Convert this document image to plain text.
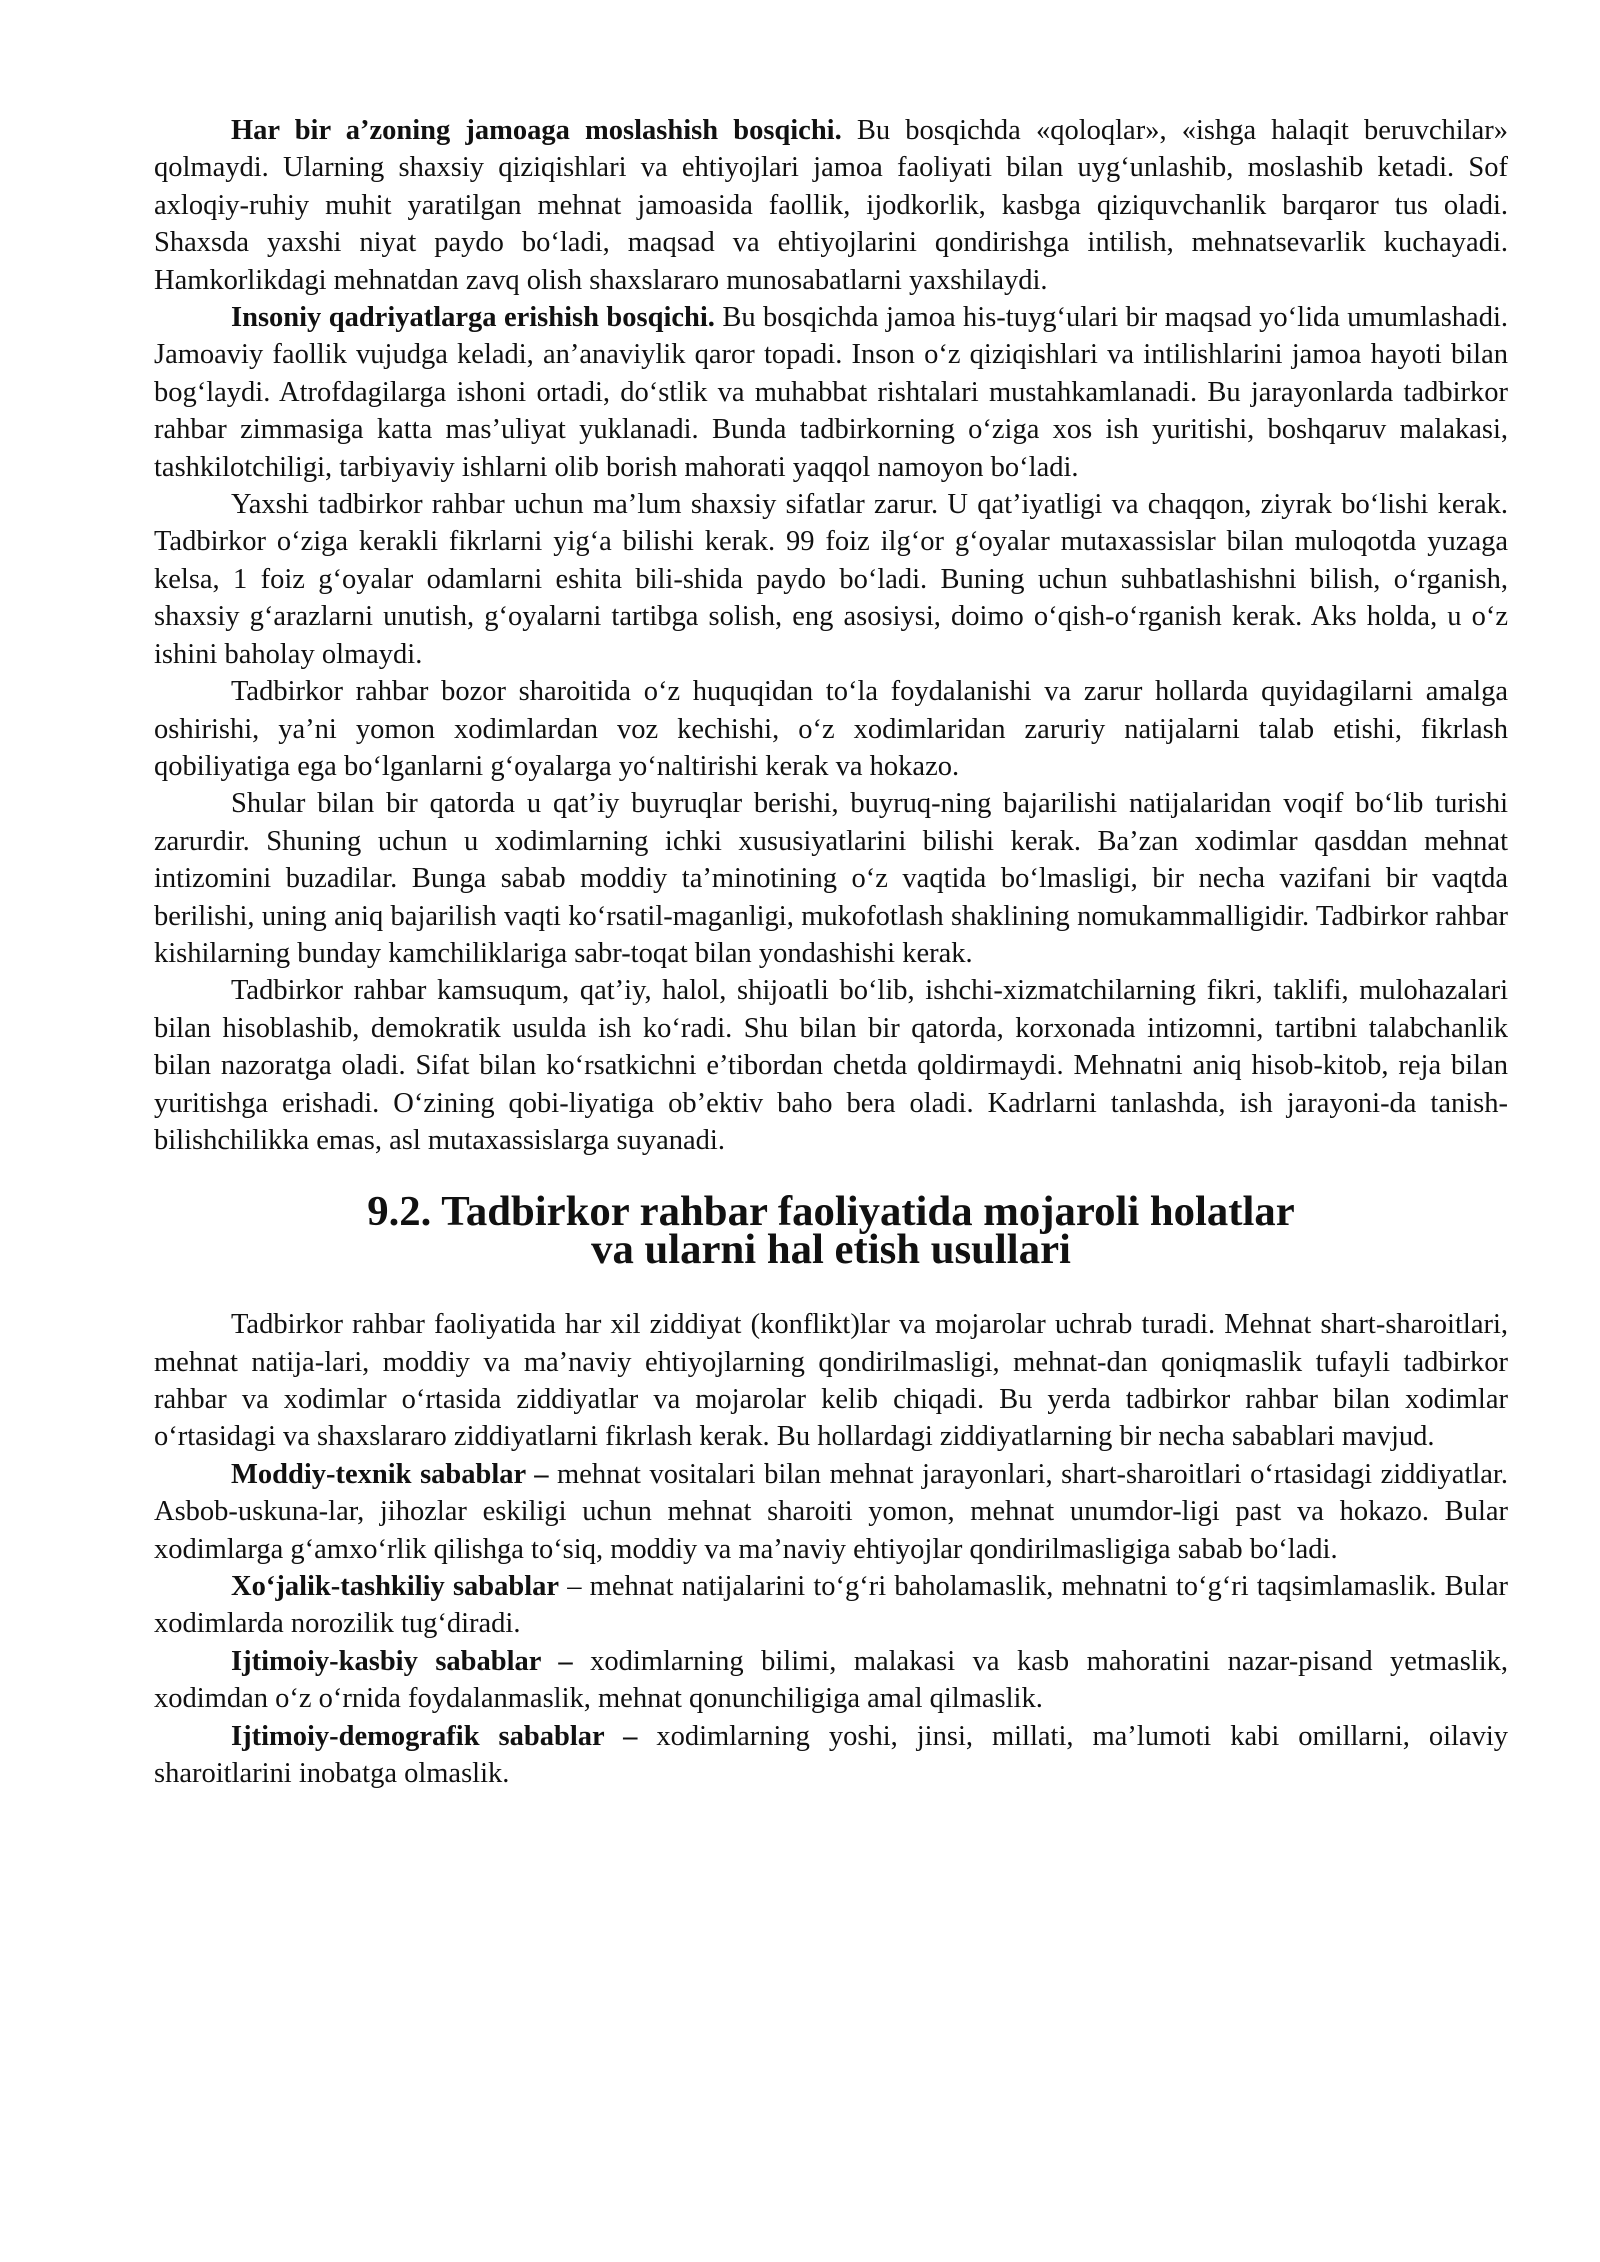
Har bir a’zoning jamoaga moslashish bosqichi. Bu bosqichda «qoloqlar», «ishga halaqit beruvchilar» qolmaydi. Ularning shaxsiy qiziqishlari va ehtiyojlari jamoa faoliyati bilan uyg‘unlashib, moslashib ketadi. Sof axloqiy-ruhiy muhit yaratilgan mehnat jamoasida faollik, ijodkorlik, kasbga qiziquvchanlik barqaror tus oladi. Shaxsda yaxshi niyat paydo bo‘ladi, maqsad va ehtiyojlarini qondirishga intilish, mehnatsevarlik kuchayadi. Hamkorlikdagi mehnatdan zavq olish shaxslararo munosabatlarni yaxshilaydi.

Insoniy qadriyatlarga erishish bosqichi. Bu bosqichda jamoa his-tuyg‘ulari bir maqsad yo‘lida umumlashadi. Jamoaviy faollik vujudga keladi, an’anaviylik qaror topadi. Inson o‘z qiziqishlari va intilishlarini jamoa hayoti bilan bog‘laydi. Atrofdagilarga ishoni ortadi, do‘stlik va muhabbat rishtalari mustahkamlanadi. Bu jarayonlarda tadbirkor rahbar zimmasiga katta mas’uliyat yuklanadi. Bunda tadbirkorning o‘ziga xos ish yuritishi, boshqaruv malakasi, tashkilotchiligi, tarbiyaviy ishlarni olib borish mahorati yaqqol namoyon bo‘ladi.

Yaxshi tadbirkor rahbar uchun ma’lum shaxsiy sifatlar zarur. U qat’iyatligi va chaqqon, ziyrak bo‘lishi kerak. Tadbirkor o‘ziga kerakli fikrlarni yig‘a bilishi kerak. 99 foiz ilg‘or g‘oyalar mutaxassislar bilan muloqotda yuzaga kelsa, 1 foiz g‘oyalar odamlarni eshita bili-shida paydo bo‘ladi. Buning uchun suhbatlashishni bilish, o‘rganish, shaxsiy g‘arazlarni unutish, g‘oyalarni tartibga solish, eng asosiysi, doimo o‘qish-o‘rganish kerak. Aks holda, u o‘z ishini baholay olmaydi.

Tadbirkor rahbar bozor sharoitida o‘z huquqidan to‘la foydalanishi va zarur hollarda quyidagilarni amalga oshirishi, ya’ni yomon xodimlardan voz kechishi, o‘z xodimlaridan zaruriy natijalarni talab etishi, fikrlash qobiliyatiga ega bo‘lganlarni g‘oyalarga yo‘naltirishi kerak va hokazo.

Shular bilan bir qatorda u qat’iy buyruqlar berishi, buyruq-ning bajarilishi natijalaridan voqif bo‘lib turishi zarurdir. Shuning uchun u xodimlarning ichki xususiyatlarini bilishi kerak. Ba’zan xodimlar qasddan mehnat intizomini buzadilar. Bunga sabab moddiy ta’minotining o‘z vaqtida bo‘lmasligi, bir necha vazifani bir vaqtda berilishi, uning aniq bajarilish vaqti ko‘rsatil-maganligi, mukofotlash shaklining nomukammalligidir. Tadbirkor rahbar kishilarning bunday kamchiliklariga sabr-toqat bilan yondashishi kerak.

Tadbirkor rahbar kamsuqum, qat’iy, halol, shijoatli bo‘lib, ishchi-xizmatchilarning fikri, taklifi, mulohazalari bilan hisoblashib, demokratik usulda ish ko‘radi. Shu bilan bir qatorda, korxonada intizomni, tartibni talabchanlik bilan nazoratga oladi. Sifat bilan ko‘rsatkichni e’tibordan chetda qoldirmaydi. Mehnatni aniq hisob-kitob, reja bilan yuritishga erishadi. O‘zining qobi-liyatiga ob’ektiv baho bera oladi. Kadrlarni tanlashda, ish jarayoni-da tanish-bilishchilikka emas, asl mutaxassislarga suyanadi.

9.2. Tadbirkor rahbar faoliyatida mojaroli holatlar
va ularni hal etish usullari

Tadbirkor rahbar faoliyatida har xil ziddiyat (konflikt)lar va mojarolar uchrab turadi. Mehnat shart-sharoitlari, mehnat natija-lari, moddiy va ma’naviy ehtiyojlarning qondirilmasligi, mehnat-dan qoniqmaslik tufayli tadbirkor rahbar va xodimlar o‘rtasida ziddiyatlar va mojarolar kelib chiqadi. Bu yerda tadbirkor rahbar bilan xodimlar o‘rtasidagi va shaxslararo ziddiyatlarni fikrlash kerak. Bu hollardagi ziddiyatlarning bir necha sabablari mavjud.

Moddiy-texnik sabablar – mehnat vositalari bilan mehnat jarayonlari, shart-sharoitlari o‘rtasidagi ziddiyatlar. Asbob-uskuna-lar, jihozlar eskiligi uchun mehnat sharoiti yomon, mehnat unumdor-ligi past va hokazo. Bular xodimlarga g‘amxo‘rlik qilishga to‘siq, moddiy va ma’naviy ehtiyojlar qondirilmasligiga sabab bo‘ladi.

Xo‘jalik-tashkiliy sabablar – mehnat natijalarini to‘g‘ri baholamaslik, mehnatni to‘g‘ri taqsimlamaslik. Bular xodimlarda norozilik tug‘diradi.

Ijtimoiy-kasbiy sabablar – xodimlarning bilimi, malakasi va kasb mahoratini nazar-pisand yetmaslik, xodimdan o‘z o‘rnida foydalanmaslik, mehnat qonunchiligiga amal qilmaslik.

Ijtimoiy-demografik sabablar – xodimlarning yoshi, jinsi, millati, ma’lumoti kabi omillarni, oilaviy sharoitlarini inobatga olmaslik.
